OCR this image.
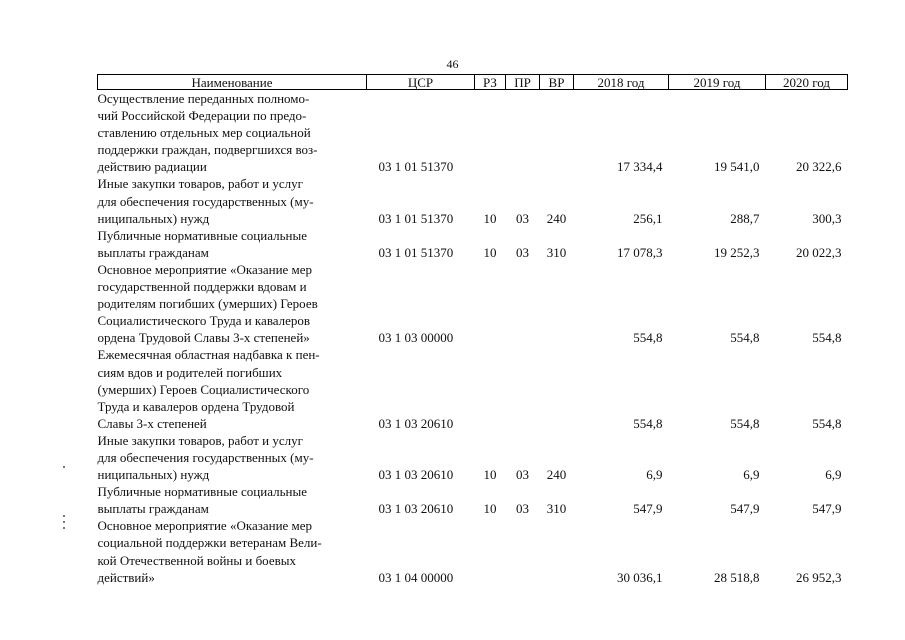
46
Наименование	ЦСР	РЗ	ПР	ВР	2018 год	2019 год	2020 год
Осуществление переданных полномо-
чий Российской Федерации по предо-
ставлению отдельных мер социальной
поддержки граждан, подвергшихся воз-
действию радиации	03 1 01 51370				17 334,4	19 541,0	20 322,6
Иные закупки товаров, работ и услуг
для обеспечения государственных (му-
ниципальных) нужд	03 1 01 51370	10	03	240	256,1	288,7	300,3
Публичные нормативные социальные
выплаты гражданам	03 1 01 51370	10	03	310	17 078,3	19 252,3	20 022,3
Основное мероприятие «Оказание мер
государственной поддержки вдовам и
родителям погибших (умерших) Героев
Социалистического Труда и кавалеров
ордена Трудовой Славы 3-х степеней»	03 1 03 00000				554,8	554,8	554,8
Ежемесячная областная надбавка к пен-
сиям вдов и родителей погибших
(умерших) Героев Социалистического
Труда и кавалеров ордена Трудовой
Славы 3-х степеней	03 1 03 20610				554,8	554,8	554,8
Иные закупки товаров, работ и услуг
для обеспечения государственных (му-
ниципальных) нужд	03 1 03 20610	10	03	240	6,9	6,9	6,9
Публичные нормативные социальные
выплаты гражданам	03 1 03 20610	10	03	310	547,9	547,9	547,9
Основное мероприятие «Оказание мер
социальной поддержки ветеранам Вели-
кой Отечественной войны и боевых
действий»	03 1 04 00000				30 036,1	28 518,8	26 952,3
